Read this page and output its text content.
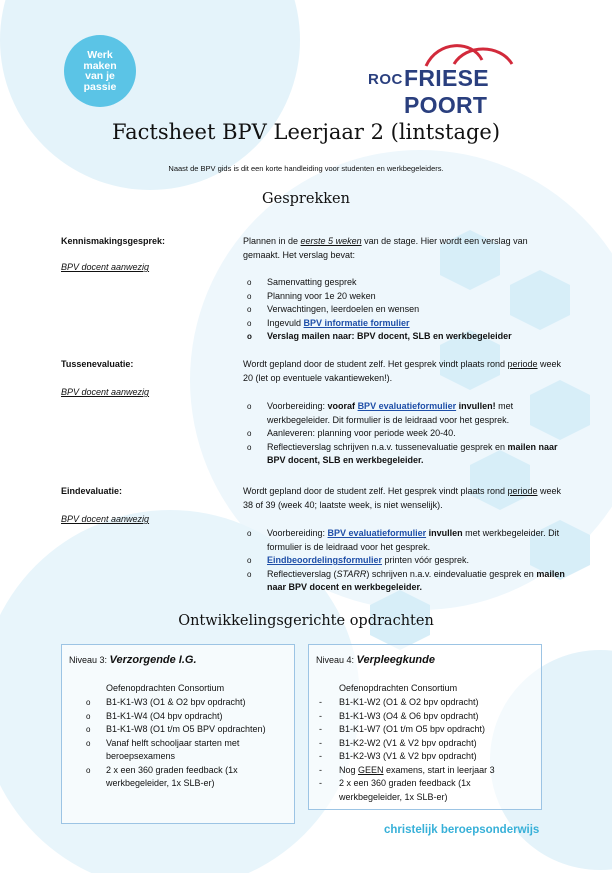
Werk
maken
van je
passie	ROC FRIESE POORT
Factsheet BPV Leerjaar 2 (lintstage)
Naast de BPV gids is dit een korte handleiding voor studenten en werkbegeleiders.
Gesprekken
Kennismakingsgesprek:
BPV docent aanwezig
Plannen in de eerste 5 weken van de stage. Hier wordt een verslag van gemaakt. Het verslag bevat:
o Samenvatting gesprek
o Planning voor 1e 20 weken
o Verwachtingen, leerdoelen en wensen
o Ingevuld BPV informatie formulier
o Verslag mailen naar: BPV docent, SLB en werkbegeleider
Tussenevaluatie:
BPV docent aanwezig
Wordt gepland door de student zelf. Het gesprek vindt plaats rond periode week 20 (let op eventuele vakantieweken!).
o Voorbereiding: vooraf BPV evaluatieformulier invullen! met werkbegeleider. Dit formulier is de leidraad voor het gesprek.
o Aanleveren: planning voor periode week 20-40.
o Reflectieverslag schrijven n.a.v. tussenevaluatie gesprek en mailen naar BPV docent, SLB en werkbegeleider.
Eindevaluatie:
BPV docent aanwezig
Wordt gepland door de student zelf. Het gesprek vindt plaats rond periode week 38 of 39 (week 40; laatste week, is niet wenselijk).
o Voorbereiding: BPV evaluatieformulier invullen met werkbegeleider. Dit formulier is de leidraad voor het gesprek.
o Eindbeoordelingsformulier printen vóór gesprek.
o Reflectieverslag (STARR) schrijven n.a.v. eindevaluatie gesprek en mailen naar BPV docent en werkbegeleider.
Ontwikkelingsgerichte opdrachten
Niveau 3: Verzorgende I.G.
Oefenopdrachten Consortium
o B1-K1-W3 (O1 & O2 bpv opdracht)
o B1-K1-W4 (O4 bpv opdracht)
o B1-K1-W8 (O1 t/m O5 BPV opdrachten)
o Vanaf helft schooljaar starten met beroepsexamens
o 2 x een 360 graden feedback (1x werkbegeleider, 1x SLB-er)
Niveau 4: Verpleegkunde
Oefenopdrachten Consortium
- B1-K1-W2 (O1 & O2 bpv opdracht)
- B1-K1-W3 (O4 & O6 bpv opdracht)
- B1-K1-W7 (O1 t/m O5 bpv opdracht)
- B1-K2-W2 (V1 & V2 bpv opdracht)
- B1-K2-W3 (V1 & V2 bpv opdracht)
- Nog GEEN examens, start in leerjaar 3
- 2 x een 360 graden feedback (1x werkbegeleider, 1x SLB-er)
christelijk beroepsonderwijs
